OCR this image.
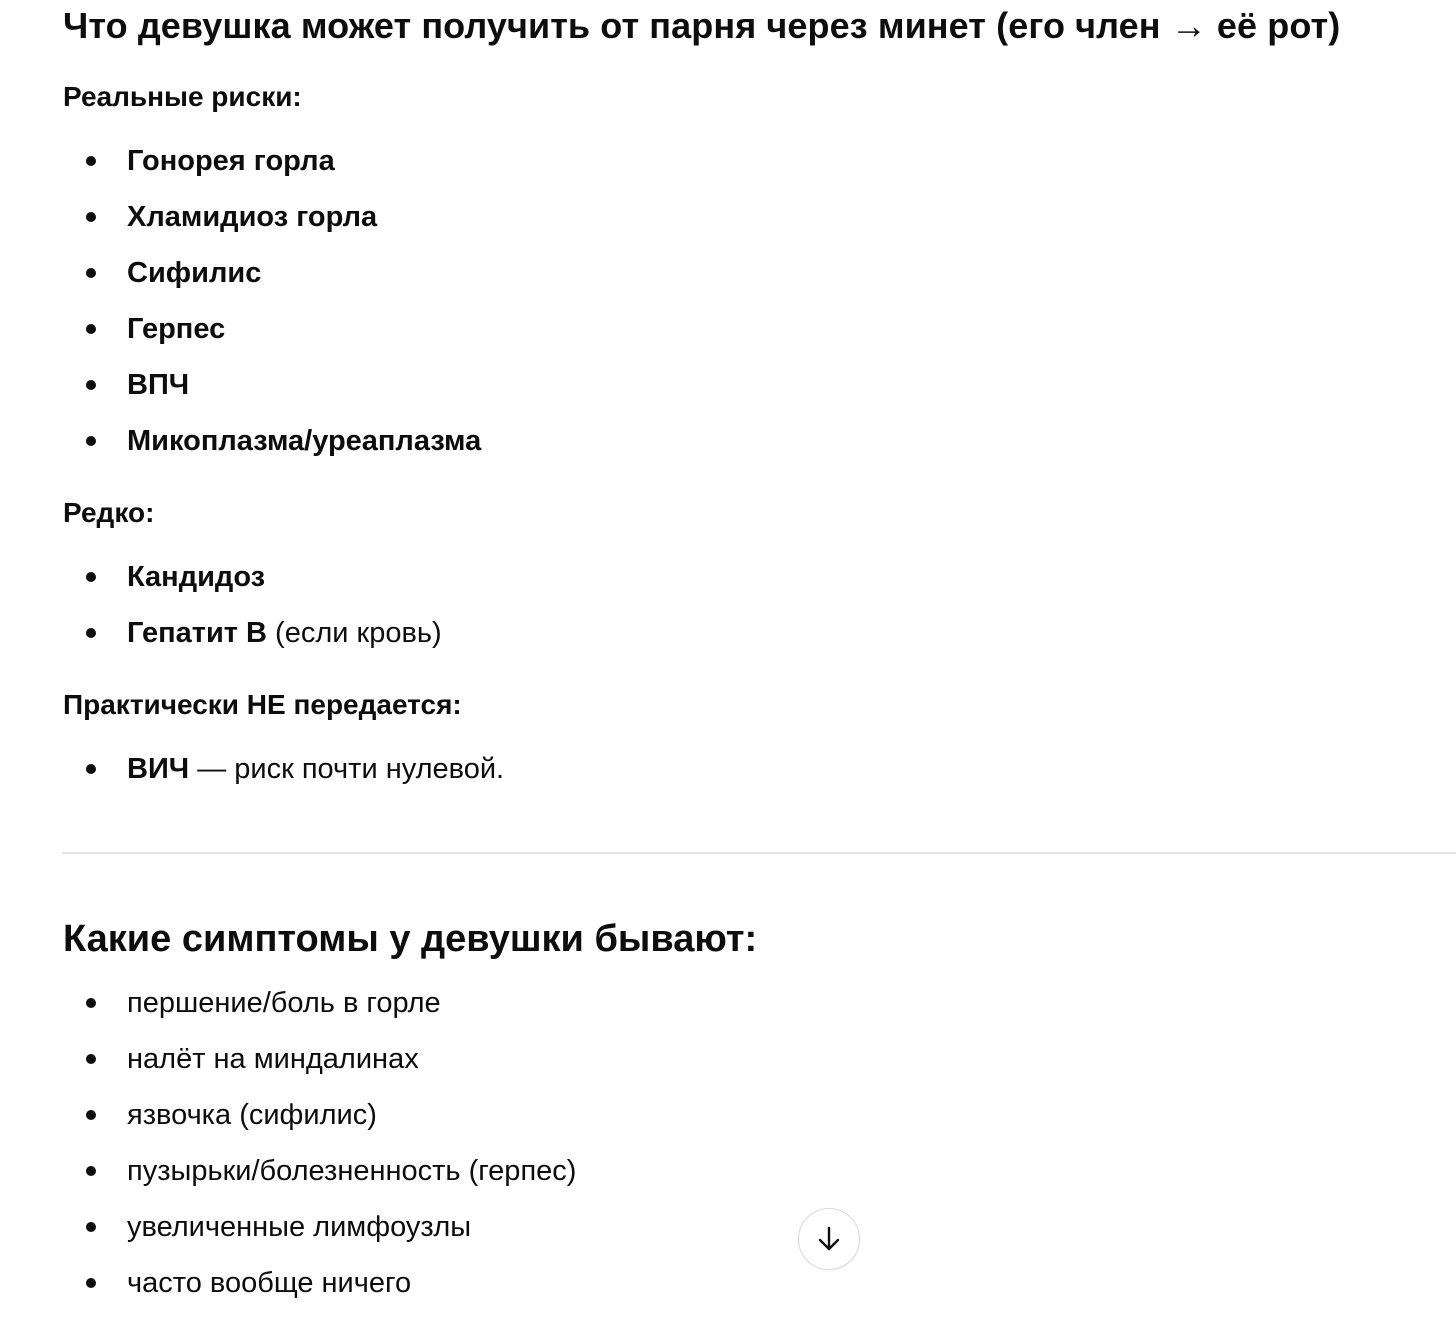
Что девушка может получить от парня через минет (его член → её рот)

Реальные риски:

Гонорея горла
Хламидиоз горла
Сифилис
Герпес
ВПЧ
Микоплазма/уреаплазма

Редко:

Кандидоз
Гепатит B (если кровь)

Практически НЕ передается:

ВИЧ — риск почти нулевой.
Какие симптомы у девушки бывают:
першение/боль в горле
налёт на миндалинах
язвочка (сифилис)
пузырьки/болезненность (герпес)
увеличенные лимфоузлы
часто вообще ничего
